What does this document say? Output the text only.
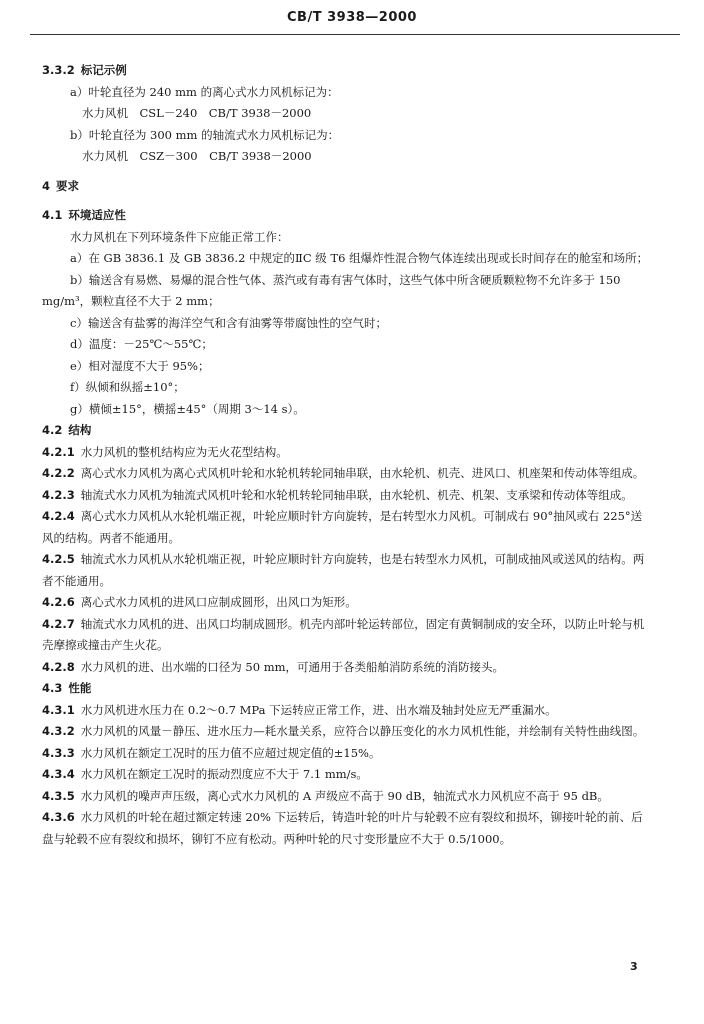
CB/T 3938—2000

3.3.2 标记示例

a）叶轮直径为 240 mm 的离心式水力风机标记为：

水力风机　CSL－240　CB/T 3938－2000

b）叶轮直径为 300 mm 的轴流式水力风机标记为：

水力风机　CSZ－300　CB/T 3938－2000

4 要求

4.1 环境适应性

水力风机在下列环境条件下应能正常工作：

a）在 GB 3836.1 及 GB 3836.2 中规定的ⅡC 级 T6 组爆炸性混合物气体连续出现或长时间存在的舱室和场所；

b）输送含有易燃、易爆的混合性气体、蒸汽或有毒有害气体时，这些气体中所含硬质颗粒物不允许多于 150 mg/m³，颗粒直径不大于 2 mm；

c）输送含有盐雾的海洋空气和含有油雾等带腐蚀性的空气时；

d）温度：－25℃～55℃；

e）相对湿度不大于 95%；

f）纵倾和纵摇±10°；

g）横倾±15°，横摇±45°（周期 3～14 s）。

4.2 结构

4.2.1 水力风机的整机结构应为无火花型结构。

4.2.2 离心式水力风机为离心式风机叶轮和水轮机转轮同轴串联，由水轮机、机壳、进风口、机座架和传动体等组成。

4.2.3 轴流式水力风机为轴流式风机叶轮和水轮机转轮同轴串联，由水轮机、机壳、机架、支承梁和传动体等组成。

4.2.4 离心式水力风机从水轮机端正视，叶轮应顺时针方向旋转，是右转型水力风机。可制成右 90°抽风或右 225°送风的结构。两者不能通用。

4.2.5 轴流式水力风机从水轮机端正视，叶轮应顺时针方向旋转，也是右转型水力风机，可制成抽风或送风的结构。两者不能通用。

4.2.6 离心式水力风机的进风口应制成圆形，出风口为矩形。

4.2.7 轴流式水力风机的进、出风口均制成圆形。机壳内部叶轮运转部位，固定有黄铜制成的安全环，以防止叶轮与机壳摩擦或撞击产生火花。

4.2.8 水力风机的进、出水端的口径为 50 mm，可通用于各类船舶消防系统的消防接头。

4.3 性能

4.3.1 水力风机进水压力在 0.2～0.7 MPa 下运转应正常工作，进、出水端及轴封处应无严重漏水。

4.3.2 水力风机的风量－静压、进水压力—耗水量关系，应符合以静压变化的水力风机性能，并绘制有关特性曲线图。

4.3.3 水力风机在额定工况时的压力值不应超过规定值的±15%。

4.3.4 水力风机在额定工况时的振动烈度应不大于 7.1 mm/s。

4.3.5 水力风机的噪声声压级，离心式水力风机的 A 声级应不高于 90 dB，轴流式水力风机应不高于 95 dB。

4.3.6 水力风机的叶轮在超过额定转速 20% 下运转后，铸造叶轮的叶片与轮毂不应有裂纹和损坏，铆接叶轮的前、后盘与轮毂不应有裂纹和损坏，铆钉不应有松动。两种叶轮的尺寸变形量应不大于 0.5/1000。

3
